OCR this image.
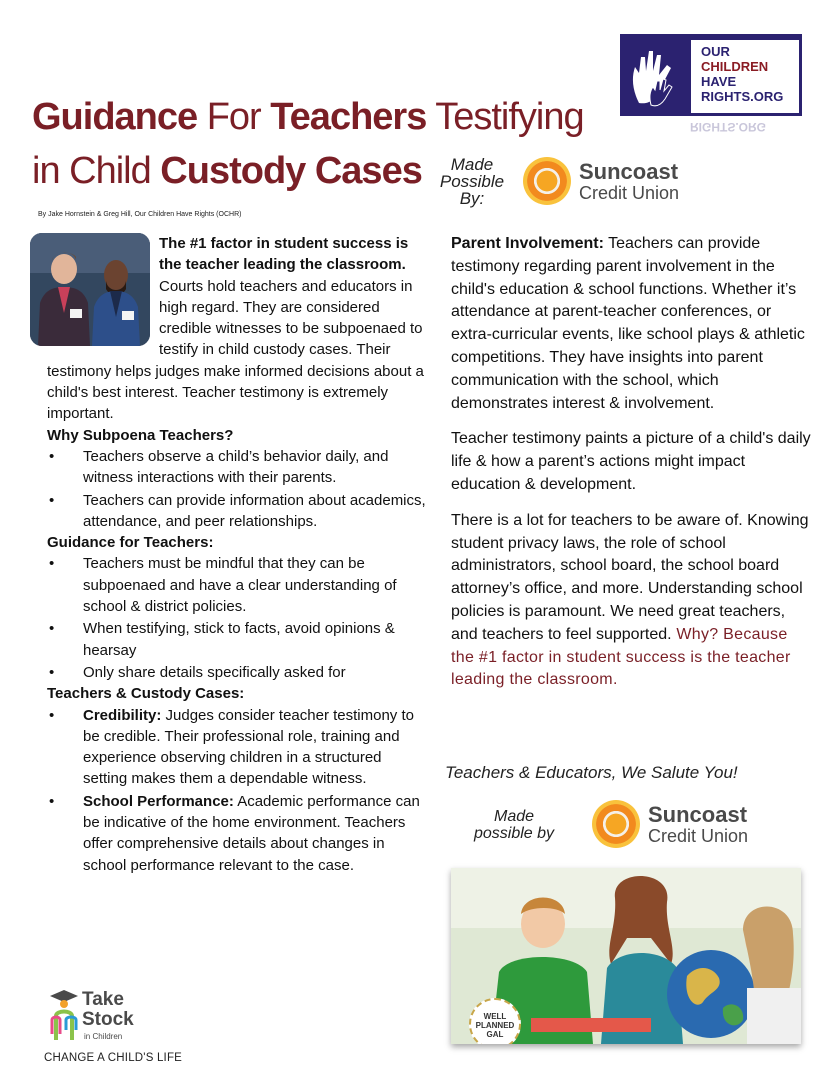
Guidance For Teachers Testifying
in Child Custody Cases
By Jake Hornstein & Greg Hill, Our Children Have Rights (OCHR)
OUR
CHILDREN
HAVE
RIGHTS.ORG
RIGHTS.ORG
Made
Possible
By:
Suncoast
Credit Union
The #1 factor in student success is the teacher leading the classroom. Courts hold teachers and educators in high regard. They are considered credible witnesses to be subpoenaed to testify in child custody cases. Their testimony helps judges make informed decisions about a child's best interest. Teacher testimony is extremely important.
Why Subpoena Teachers?
• Teachers observe a child’s behavior daily, and witness interactions with their parents.
• Teachers can provide information about academics, attendance, and peer relationships.
Guidance for Teachers:
• Teachers must be mindful that they can be subpoenaed and have a clear understanding of school & district policies.
• When testifying, stick to facts, avoid opinions & hearsay
• Only share details specifically asked for
Teachers & Custody Cases:
• Credibility: Judges consider teacher testimony to be credible. Their professional role, training and experience observing children in a structured setting makes them a dependable witness.
• School Performance: Academic performance can be indicative of the home environment. Teachers offer comprehensive details about changes in school performance relevant to the case.

Parent Involvement: Teachers can provide testimony regarding parent involvement in the child's education & school functions. Whether it’s attendance at parent-teacher conferences, or extra-curricular events, like school plays & athletic competitions. They have insights into parent communication with the school, which demonstrates interest & involvement.

Teacher testimony paints a picture of a child's daily life & how a parent’s actions might impact education & development.

There is a lot for teachers to be aware of. Knowing student privacy laws, the role of school administrators, school board, the school board attorney’s office, and more. Understanding school policies is paramount. We need great teachers, and teachers to feel supported. Why? Because the #1 factor in student success is the teacher leading the classroom.

Teachers & Educators, We Salute You!
Made
possible by
Suncoast
Credit Union
WELL
PLANNED
GAL
Take
Stock
in Children
CHANGE A CHILD'S LIFE
